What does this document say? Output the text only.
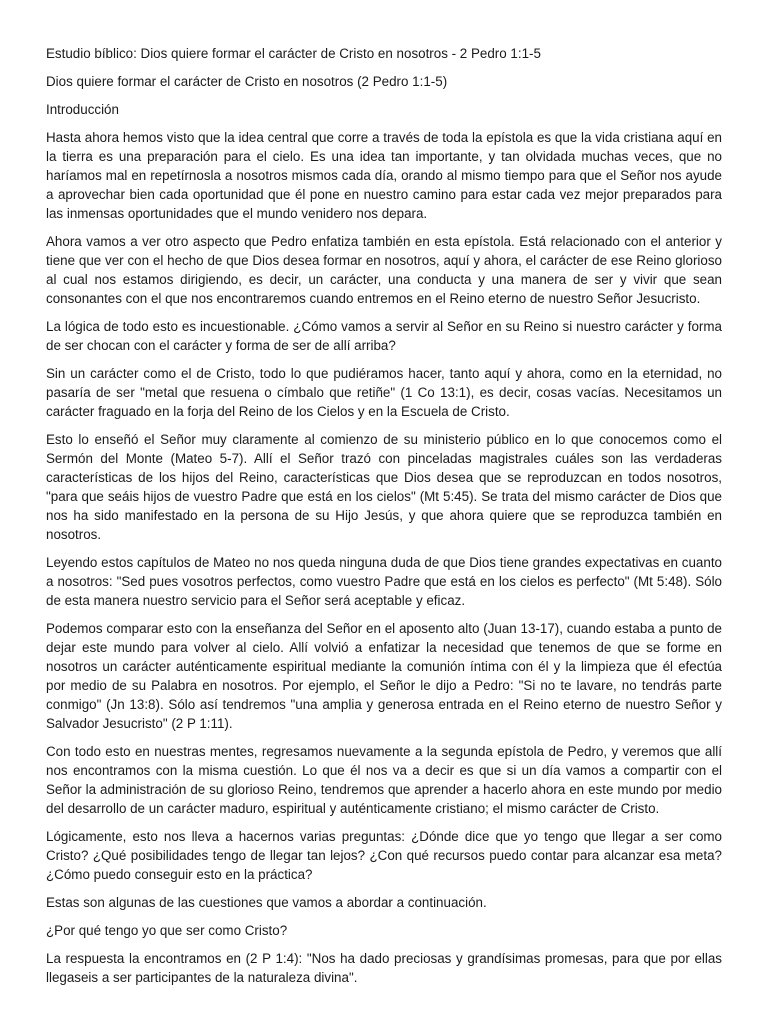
Estudio bíblico: Dios quiere formar el carácter de Cristo en nosotros - 2 Pedro 1:1-5

Dios quiere formar el carácter de Cristo en nosotros (2 Pedro 1:1-5)

Introducción

Hasta ahora hemos visto que la idea central que corre a través de toda la epístola es que la vida cristiana aquí en la tierra es una preparación para el cielo. Es una idea tan importante, y tan olvidada muchas veces, que no haríamos mal en repetírnosla a nosotros mismos cada día, orando al mismo tiempo para que el Señor nos ayude a aprovechar bien cada oportunidad que él pone en nuestro camino para estar cada vez mejor preparados para las inmensas oportunidades que el mundo venidero nos depara.

Ahora vamos a ver otro aspecto que Pedro enfatiza también en esta epístola. Está relacionado con el anterior y tiene que ver con el hecho de que Dios desea formar en nosotros, aquí y ahora, el carácter de ese Reino glorioso al cual nos estamos dirigiendo, es decir, un carácter, una conducta y una manera de ser y vivir que sean consonantes con el que nos encontraremos cuando entremos en el Reino eterno de nuestro Señor Jesucristo.

La lógica de todo esto es incuestionable. ¿Cómo vamos a servir al Señor en su Reino si nuestro carácter y forma de ser chocan con el carácter y forma de ser de allí arriba?

Sin un carácter como el de Cristo, todo lo que pudiéramos hacer, tanto aquí y ahora, como en la eternidad, no pasaría de ser "metal que resuena o címbalo que retiñe" (1 Co 13:1), es decir, cosas vacías. Necesitamos un carácter fraguado en la forja del Reino de los Cielos y en la Escuela de Cristo.

Esto lo enseñó el Señor muy claramente al comienzo de su ministerio público en lo que conocemos como el Sermón del Monte (Mateo 5-7). Allí el Señor trazó con pinceladas magistrales cuáles son las verdaderas características de los hijos del Reino, características que Dios desea que se reproduzcan en todos nosotros, "para que seáis hijos de vuestro Padre que está en los cielos" (Mt 5:45). Se trata del mismo carácter de Dios que nos ha sido manifestado en la persona de su Hijo Jesús, y que ahora quiere que se reproduzca también en nosotros.

Leyendo estos capítulos de Mateo no nos queda ninguna duda de que Dios tiene grandes expectativas en cuanto a nosotros: "Sed pues vosotros perfectos, como vuestro Padre que está en los cielos es perfecto" (Mt 5:48). Sólo de esta manera nuestro servicio para el Señor será aceptable y eficaz.

Podemos comparar esto con la enseñanza del Señor en el aposento alto (Juan 13-17), cuando estaba a punto de dejar este mundo para volver al cielo. Allí volvió a enfatizar la necesidad que tenemos de que se forme en nosotros un carácter auténticamente espiritual mediante la comunión íntima con él y la limpieza que él efectúa por medio de su Palabra en nosotros. Por ejemplo, el Señor le dijo a Pedro: "Si no te lavare, no tendrás parte conmigo" (Jn 13:8). Sólo así tendremos "una amplia y generosa entrada en el Reino eterno de nuestro Señor y Salvador Jesucristo" (2 P 1:11).

Con todo esto en nuestras mentes, regresamos nuevamente a la segunda epístola de Pedro, y veremos que allí nos encontramos con la misma cuestión. Lo que él nos va a decir es que si un día vamos a compartir con el Señor la administración de su glorioso Reino, tendremos que aprender a hacerlo ahora en este mundo por medio del desarrollo de un carácter maduro, espiritual y auténticamente cristiano; el mismo carácter de Cristo.

Lógicamente, esto nos lleva a hacernos varias preguntas: ¿Dónde dice que yo tengo que llegar a ser como Cristo? ¿Qué posibilidades tengo de llegar tan lejos? ¿Con qué recursos puedo contar para alcanzar esa meta? ¿Cómo puedo conseguir esto en la práctica?

Estas son algunas de las cuestiones que vamos a abordar a continuación.

¿Por qué tengo yo que ser como Cristo?

La respuesta la encontramos en (2 P 1:4): "Nos ha dado preciosas y grandísimas promesas, para que por ellas llegaseis a ser participantes de la naturaleza divina".
